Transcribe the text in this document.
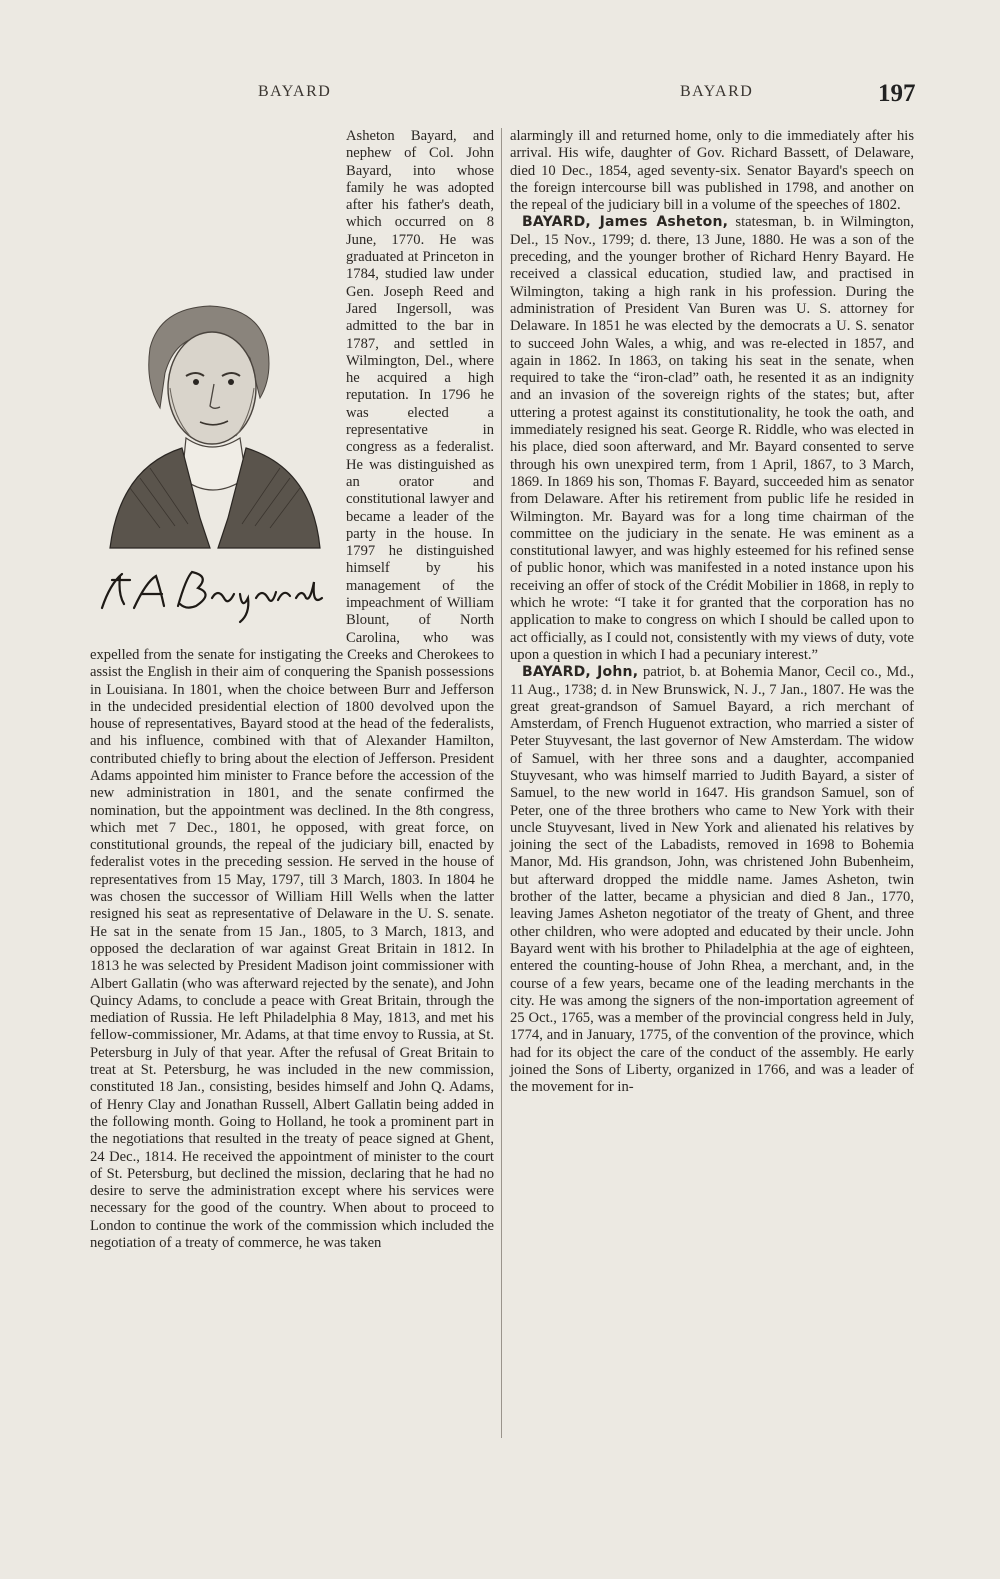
BAYARD	BAYARD	197

Asheton Bayard, and nephew of Col. John Bayard, into whose family he was adopted after his father's death, which occurred on 8 June, 1770. He was graduated at Princeton in 1784, studied law under Gen. Joseph Reed and Jared Ingersoll, was admitted to the bar in 1787, and settled in Wilmington, Del., where he acquired a high reputation. In 1796 he was elected a representative in congress as a federalist. He was distinguished as an orator and constitutional lawyer and became a leader of the party in the house. In 1797 he distinguished himself by his management of the impeachment of William Blount, of North Carolina, who was expelled from the senate for instigating the Creeks and Cherokees to assist the English in their aim of conquering the Spanish possessions in Louisiana. In 1801, when the choice between Burr and Jefferson in the undecided presidential election of 1800 devolved upon the house of representatives, Bayard stood at the head of the federalists, and his influence, combined with that of Alexander Hamilton, contributed chiefly to bring about the election of Jefferson. President Adams appointed him minister to France before the accession of the new administration in 1801, and the senate confirmed the nomination, but the appointment was declined. In the 8th congress, which met 7 Dec., 1801, he opposed, with great force, on constitutional grounds, the repeal of the judiciary bill, enacted by federalist votes in the preceding session. He served in the house of representatives from 15 May, 1797, till 3 March, 1803. In 1804 he was chosen the successor of William Hill Wells when the latter resigned his seat as representative of Delaware in the U. S. senate. He sat in the senate from 15 Jan., 1805, to 3 March, 1813, and opposed the declaration of war against Great Britain in 1812. In 1813 he was selected by President Madison joint commissioner with Albert Gallatin (who was afterward rejected by the senate), and John Quincy Adams, to conclude a peace with Great Britain, through the mediation of Russia. He left Philadelphia 8 May, 1813, and met his fellow-commissioner, Mr. Adams, at that time envoy to Russia, at St. Petersburg in July of that year. After the refusal of Great Britain to treat at St. Petersburg, he was included in the new commission, constituted 18 Jan., consisting, besides himself and John Q. Adams, of Henry Clay and Jonathan Russell, Albert Gallatin being added in the following month. Going to Holland, he took a prominent part in the negotiations that resulted in the treaty of peace signed at Ghent, 24 Dec., 1814. He received the appointment of minister to the court of St. Petersburg, but declined the mission, declaring that he had no desire to serve the administration except where his services were necessary for the good of the country. When about to proceed to London to continue the work of the commission which included the negotiation of a treaty of commerce, he was taken

alarmingly ill and returned home, only to die immediately after his arrival. His wife, daughter of Gov. Richard Bassett, of Delaware, died 10 Dec., 1854, aged seventy-six. Senator Bayard's speech on the foreign intercourse bill was published in 1798, and another on the repeal of the judiciary bill in a volume of the speeches of 1802.

BAYARD, James Asheton, statesman, b. in Wilmington, Del., 15 Nov., 1799; d. there, 13 June, 1880. He was a son of the preceding, and the younger brother of Richard Henry Bayard. He received a classical education, studied law, and practised in Wilmington, taking a high rank in his profession. During the administration of President Van Buren was U. S. attorney for Delaware. In 1851 he was elected by the democrats a U. S. senator to succeed John Wales, a whig, and was re-elected in 1857, and again in 1862. In 1863, on taking his seat in the senate, when required to take the “iron-clad” oath, he resented it as an indignity and an invasion of the sovereign rights of the states; but, after uttering a protest against its constitutionality, he took the oath, and immediately resigned his seat. George R. Riddle, who was elected in his place, died soon afterward, and Mr. Bayard consented to serve through his own unexpired term, from 1 April, 1867, to 3 March, 1869. In 1869 his son, Thomas F. Bayard, succeeded him as senator from Delaware. After his retirement from public life he resided in Wilmington. Mr. Bayard was for a long time chairman of the committee on the judiciary in the senate. He was eminent as a constitutional lawyer, and was highly esteemed for his refined sense of public honor, which was manifested in a noted instance upon his receiving an offer of stock of the Crédit Mobilier in 1868, in reply to which he wrote: “I take it for granted that the corporation has no application to make to congress on which I should be called upon to act officially, as I could not, consistently with my views of duty, vote upon a question in which I had a pecuniary interest.”

BAYARD, John, patriot, b. at Bohemia Manor, Cecil co., Md., 11 Aug., 1738; d. in New Brunswick, N. J., 7 Jan., 1807. He was the great great-grandson of Samuel Bayard, a rich merchant of Amsterdam, of French Huguenot extraction, who married a sister of Peter Stuyvesant, the last governor of New Amsterdam. The widow of Samuel, with her three sons and a daughter, accompanied Stuyvesant, who was himself married to Judith Bayard, a sister of Samuel, to the new world in 1647. His grandson Samuel, son of Peter, one of the three brothers who came to New York with their uncle Stuyvesant, lived in New York and alienated his relatives by joining the sect of the Labadists, removed in 1698 to Bohemia Manor, Md. His grandson, John, was christened John Bubenheim, but afterward dropped the middle name. James Asheton, twin brother of the latter, became a physician and died 8 Jan., 1770, leaving James Asheton negotiator of the treaty of Ghent, and three other children, who were adopted and educated by their uncle. John Bayard went with his brother to Philadelphia at the age of eighteen, entered the counting-house of John Rhea, a merchant, and, in the course of a few years, became one of the leading merchants in the city. He was among the signers of the non-importation agreement of 25 Oct., 1765, was a member of the provincial congress held in July, 1774, and in January, 1775, of the convention of the province, which had for its object the care of the conduct of the assembly. He early joined the Sons of Liberty, organized in 1766, and was a leader of the movement for in-
